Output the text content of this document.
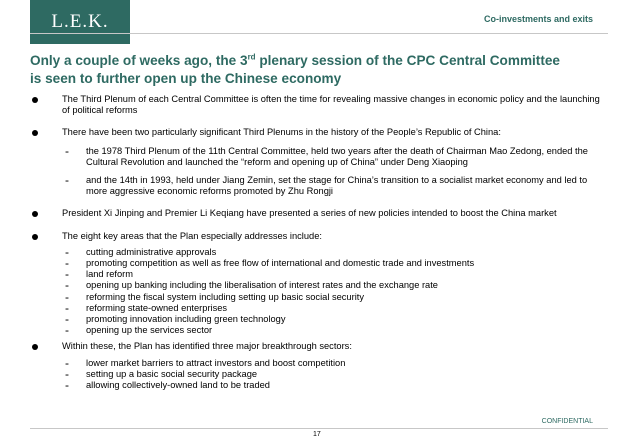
L.E.K.	Co-investments and exits
Only a couple of weeks ago, the 3rd plenary session of the CPC Central Committee
is seen to further open up the Chinese economy
The Third Plenum of each Central Committee is often the time for revealing massive changes in economic policy and the launching of political reforms
There have been two particularly significant Third Plenums in the history of the People’s Republic of China:
- the 1978 Third Plenum of the 11th Central Committee, held two years after the death of Chairman Mao Zedong, ended the Cultural Revolution and launched the “reform and opening up of China” under Deng Xiaoping
- and the 14th in 1993, held under Jiang Zemin, set the stage for China’s transition to a socialist market economy and led to more aggressive economic reforms promoted by Zhu Rongji
President Xi Jinping and Premier Li Keqiang have presented a series of new policies intended to boost the China market
The eight key areas that the Plan especially addresses include:
- cutting administrative approvals
- promoting competition as well as free flow of international and domestic trade and investments
- land reform
- opening up banking including the liberalisation of interest rates and the exchange rate
- reforming the fiscal system including setting up basic social security
- reforming state-owned enterprises
- promoting innovation including green technology
- opening up the services sector
Within these, the Plan has identified three major breakthrough sectors:
- lower market barriers to attract investors and boost competition
- setting up a basic social security package
- allowing collectively-owned land to be traded
CONFIDENTIAL
17
